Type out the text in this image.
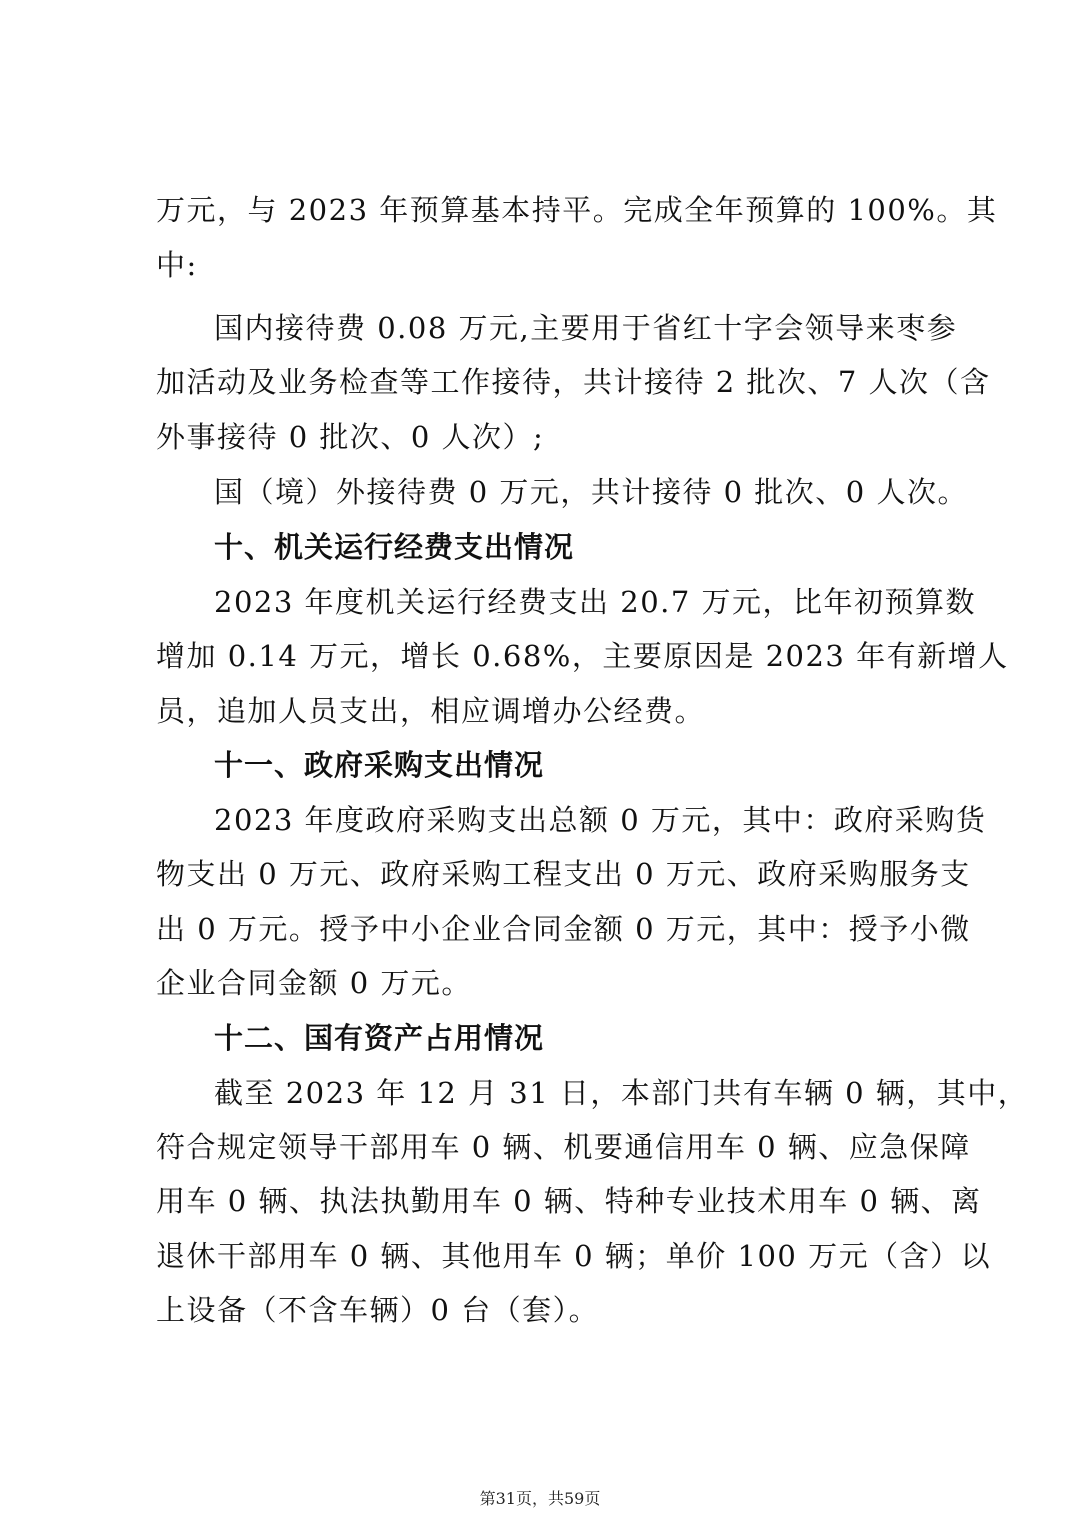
万元，与 2023 年预算基本持平。完成全年预算的 100%。其
中:
国内接待费 0.08 万元,主要用于省红十字会领导来枣参
加活动及业务检查等工作接待，共计接待 2 批次、7 人次（含
外事接待 0 批次、0 人次）;
国（境）外接待费 0 万元，共计接待 0 批次、0 人次。
十、机关运行经费支出情况
2023 年度机关运行经费支出 20.7 万元，比年初预算数
增加 0.14 万元，增长 0.68%，主要原因是 2023 年有新增人
员，追加人员支出，相应调增办公经费。
十一、政府采购支出情况
2023 年度政府采购支出总额 0 万元，其中：政府采购货
物支出 0 万元、政府采购工程支出 0 万元、政府采购服务支
出 0 万元。授予中小企业合同金额 0 万元，其中：授予小微
企业合同金额 0 万元。
十二、国有资产占用情况
截至 2023 年 12 月 31 日，本部门共有车辆 0 辆，其中，
符合规定领导干部用车 0 辆、机要通信用车 0 辆、应急保障
用车 0 辆、执法执勤用车 0 辆、特种专业技术用车 0 辆、离
退休干部用车 0 辆、其他用车 0 辆；单价 100 万元（含）以
上设备（不含车辆）0 台（套）。
第31页，共59页
